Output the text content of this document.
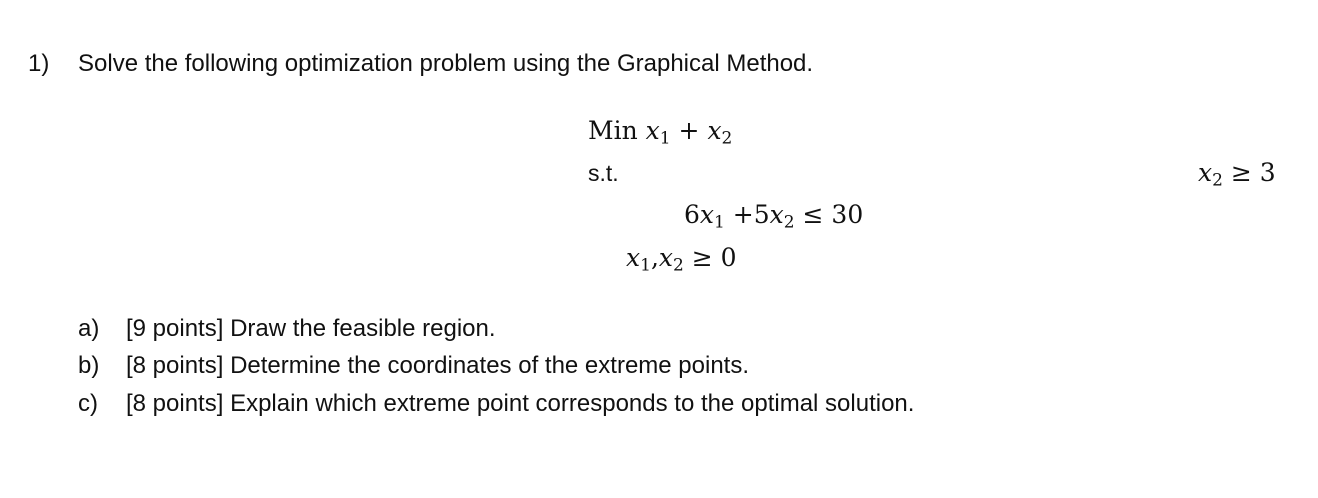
1) Solve the following optimization problem using the Graphical Method.
Min $x_1 + x_2$
s.t.	$x_2 \ge 3$
$6x_1 +5x_2 \le 30$
$x_1,x_2 \ge 0$
a) [9 points] Draw the feasible region.
b) [8 points] Determine the coordinates of the extreme points.
c) [8 points] Explain which extreme point corresponds to the optimal solution.
